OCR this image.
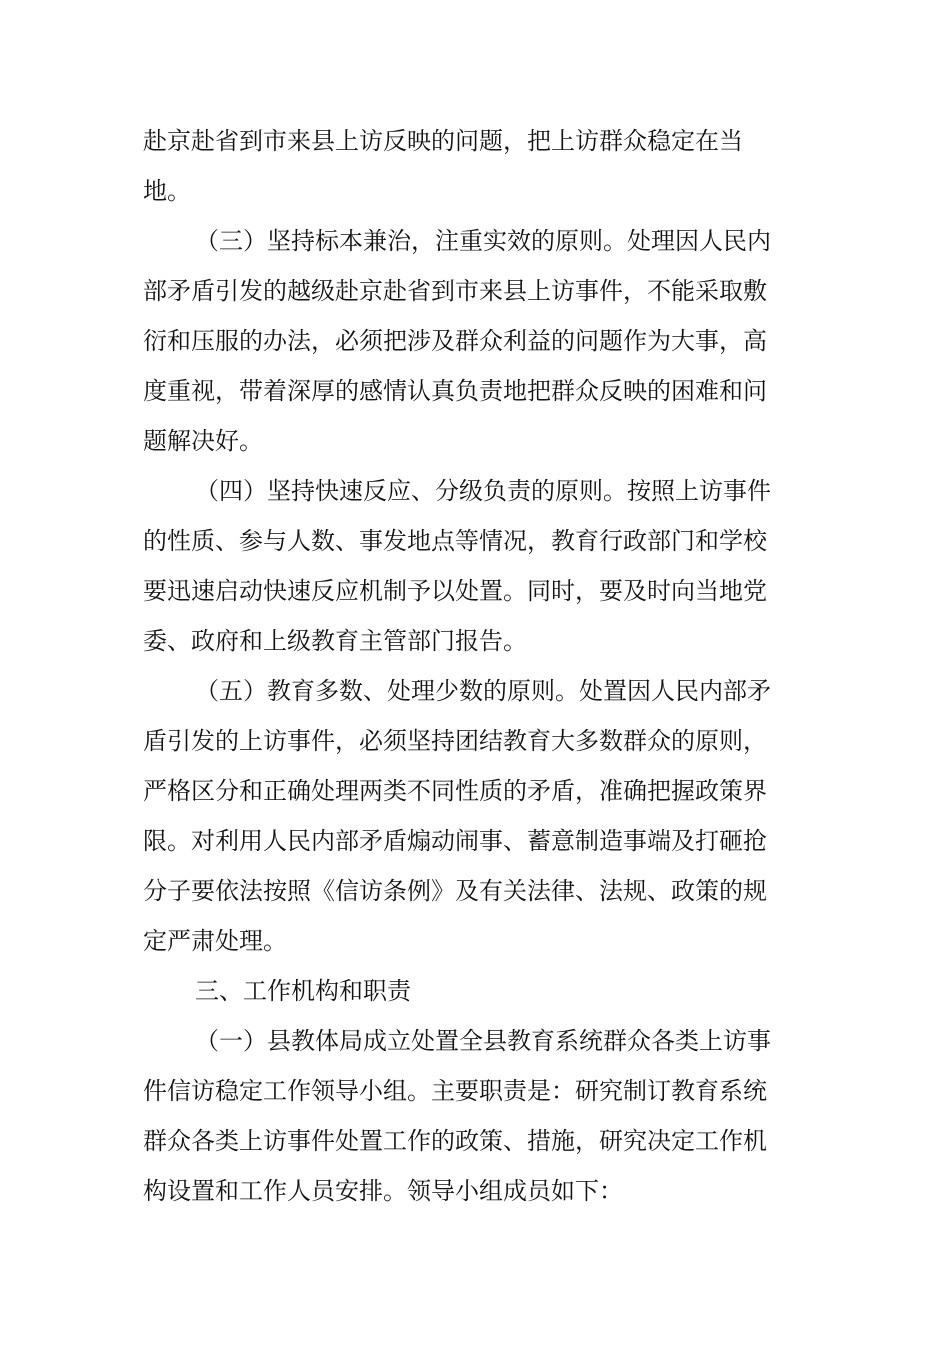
赴京赴省到市来县上访反映的问题，把上访群众稳定在当
地。
（三）坚持标本兼治，注重实效的原则。处理因人民内
部矛盾引发的越级赴京赴省到市来县上访事件，不能采取敷
衍和压服的办法，必须把涉及群众利益的问题作为大事，高
度重视，带着深厚的感情认真负责地把群众反映的困难和问
题解决好。
（四）坚持快速反应、分级负责的原则。按照上访事件
的性质、参与人数、事发地点等情况，教育行政部门和学校
要迅速启动快速反应机制予以处置。同时，要及时向当地党
委、政府和上级教育主管部门报告。
（五）教育多数、处理少数的原则。处置因人民内部矛
盾引发的上访事件，必须坚持团结教育大多数群众的原则，
严格区分和正确处理两类不同性质的矛盾，准确把握政策界
限。对利用人民内部矛盾煽动闹事、蓄意制造事端及打砸抢
分子要依法按照《信访条例》及有关法律、法规、政策的规
定严肃处理。
三、工作机构和职责
（一）县教体局成立处置全县教育系统群众各类上访事
件信访稳定工作领导小组。主要职责是：研究制订教育系统
群众各类上访事件处置工作的政策、措施，研究决定工作机
构设置和工作人员安排。领导小组成员如下：
